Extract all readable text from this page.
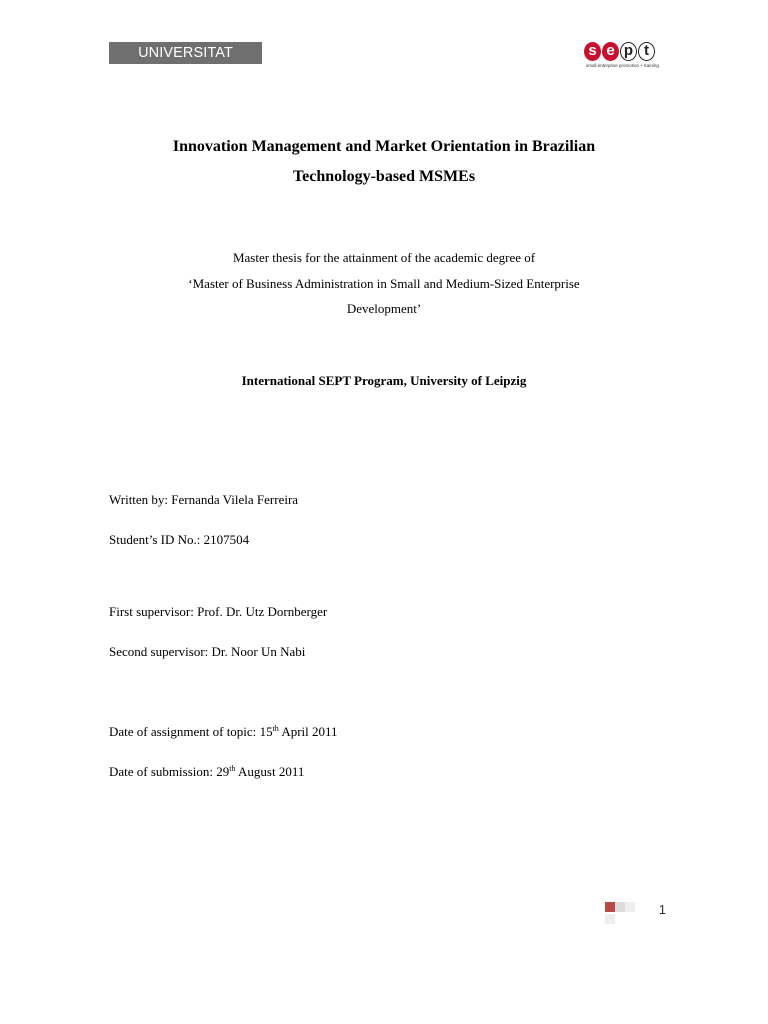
UNIVERSITAT LEIPZIG
s e p t
small enterprise promotion + training
Innovation Management and Market Orientation in Brazilian
Technology-based MSMEs
Master thesis for the attainment of the academic degree of
‘Master of Business Administration in Small and Medium-Sized Enterprise
Development’
International SEPT Program, University of Leipzig
Written by: Fernanda Vilela Ferreira
Student’s ID No.: 2107504
First supervisor: Prof. Dr. Utz Dornberger
Second supervisor: Dr. Noor Un Nabi
Date of assignment of topic: 15th April 2011
Date of submission: 29th August 2011
1
